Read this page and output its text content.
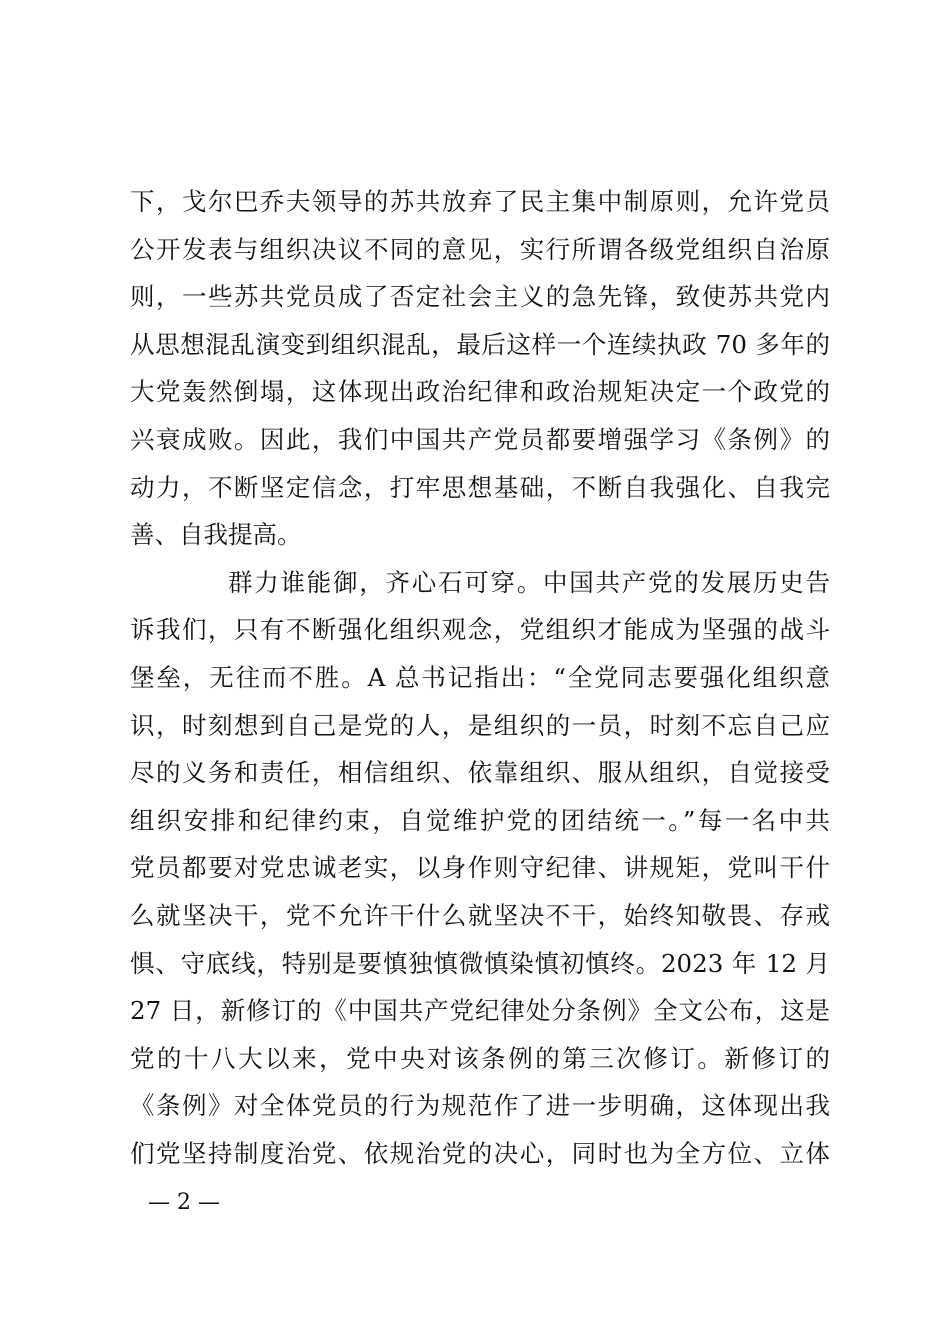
下，戈尔巴乔夫领导的苏共放弃了民主集中制原则，允许党员
公开发表与组织决议不同的意见，实行所谓各级党组织自治原
则，一些苏共党员成了否定社会主义的急先锋，致使苏共党内
从思想混乱演变到组织混乱，最后这样一个连续执政 70 多年的
大党轰然倒塌，这体现出政治纪律和政治规矩决定一个政党的
兴衰成败。因此，我们中国共产党员都要增强学习《条例》的
动力，不断坚定信念，打牢思想基础，不断自我强化、自我完
善、自我提高。
群力谁能御，齐心石可穿。中国共产党的发展历史告
诉我们，只有不断强化组织观念，党组织才能成为坚强的战斗
堡垒，无往而不胜。A 总书记指出：“全党同志要强化组织意
识，时刻想到自己是党的人，是组织的一员，时刻不忘自己应
尽的义务和责任，相信组织、依靠组织、服从组织，自觉接受
组织安排和纪律约束，自觉维护党的团结统一。”每一名中共
党员都要对党忠诚老实，以身作则守纪律、讲规矩，党叫干什
么就坚决干，党不允许干什么就坚决不干，始终知敬畏、存戒
惧、守底线，特别是要慎独慎微慎染慎初慎终。2023 年 12 月
27 日，新修订的《中国共产党纪律处分条例》全文公布，这是
党的十八大以来，党中央对该条例的第三次修订。新修订的
《条例》对全体党员的行为规范作了进一步明确，这体现出我
们党坚持制度治党、依规治党的决心，同时也为全方位、立体
— 2 —
